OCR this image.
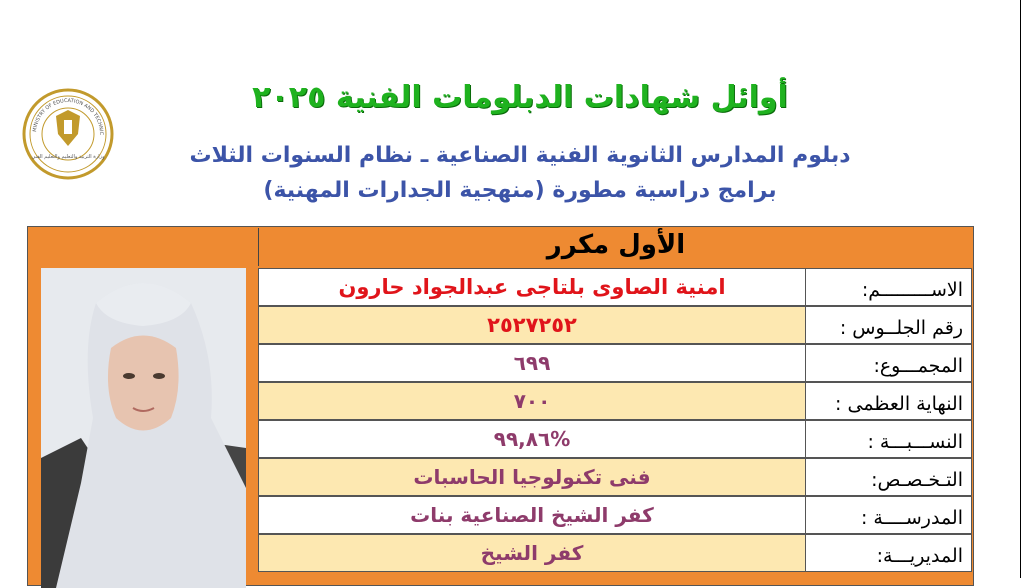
MINISTRY OF EDUCATION AND TECHNIC
وزارة التربية والتعليم والتعليم الفني
أوائل شهادات الدبلومات الفنية ٢٠٢٥
دبلوم المدارس الثانوية الفنية الصناعية ـ نظام السنوات الثلاث
برامج دراسية مطورة (منهجية الجدارات المهنية)
الأول مكرر
امنية الصاوى بلتاجى عبدالجواد حارون	الاســـــــــم:
٢٥٢٧٢٥٢	رقم الجلــوس :
٦٩٩	المجمـــوع:
٧٠٠	النهاية العظمى :
%٩٩,٨٦	النســـبـــة :
فنى تكنولوجيا الحاسبات	التـخـصـص:
كفر الشيخ الصناعية بنات	المدرســــة :
كفر الشيخ	المديريـــة:
